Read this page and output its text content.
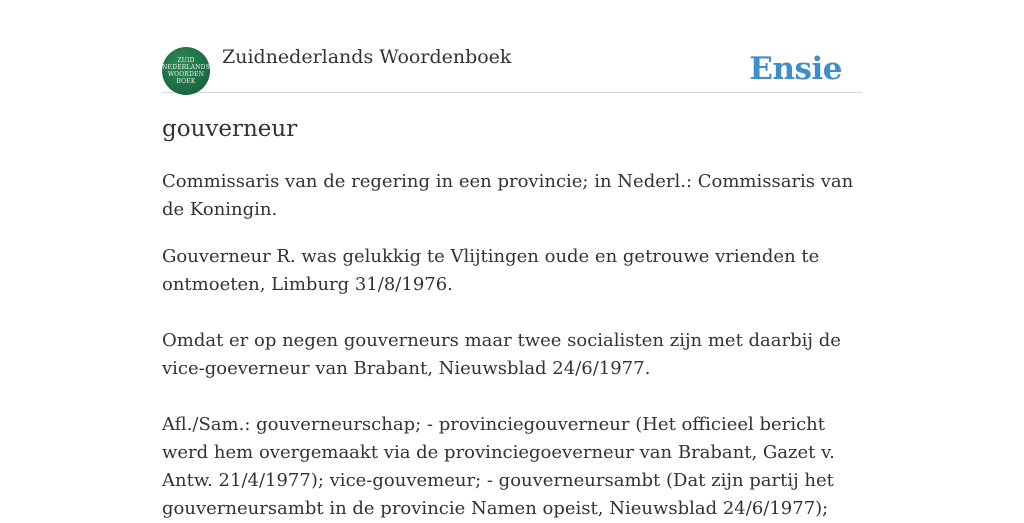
ZUID
NEDERLANDS
WOORDEN
BOEK
Zuidnederlands Woordenboek	Ensie
gouverneur

Commissaris van de regering in een provincie; in Nederl.: Commissaris van de Koningin.

Gouverneur R. was gelukkig te Vlijtingen oude en getrouwe vrienden te ontmoeten, Limburg 31/8/1976.

Omdat er op negen gouverneurs maar twee socialisten zijn met daarbij de vice-goeverneur van Brabant, Nieuwsblad 24/6/1977.

Afl./Sam.: gouverneurschap; - provinciegouverneur (Het officieel bericht werd hem overgemaakt via de provinciegoeverneur van Brabant, Gazet v. Antw. 21/4/1977); vice-gouvemeur; - gouverneursambt (Dat zijn partij het gouverneursambt in de provincie Namen opeist, Nieuwsblad 24/6/1977);
